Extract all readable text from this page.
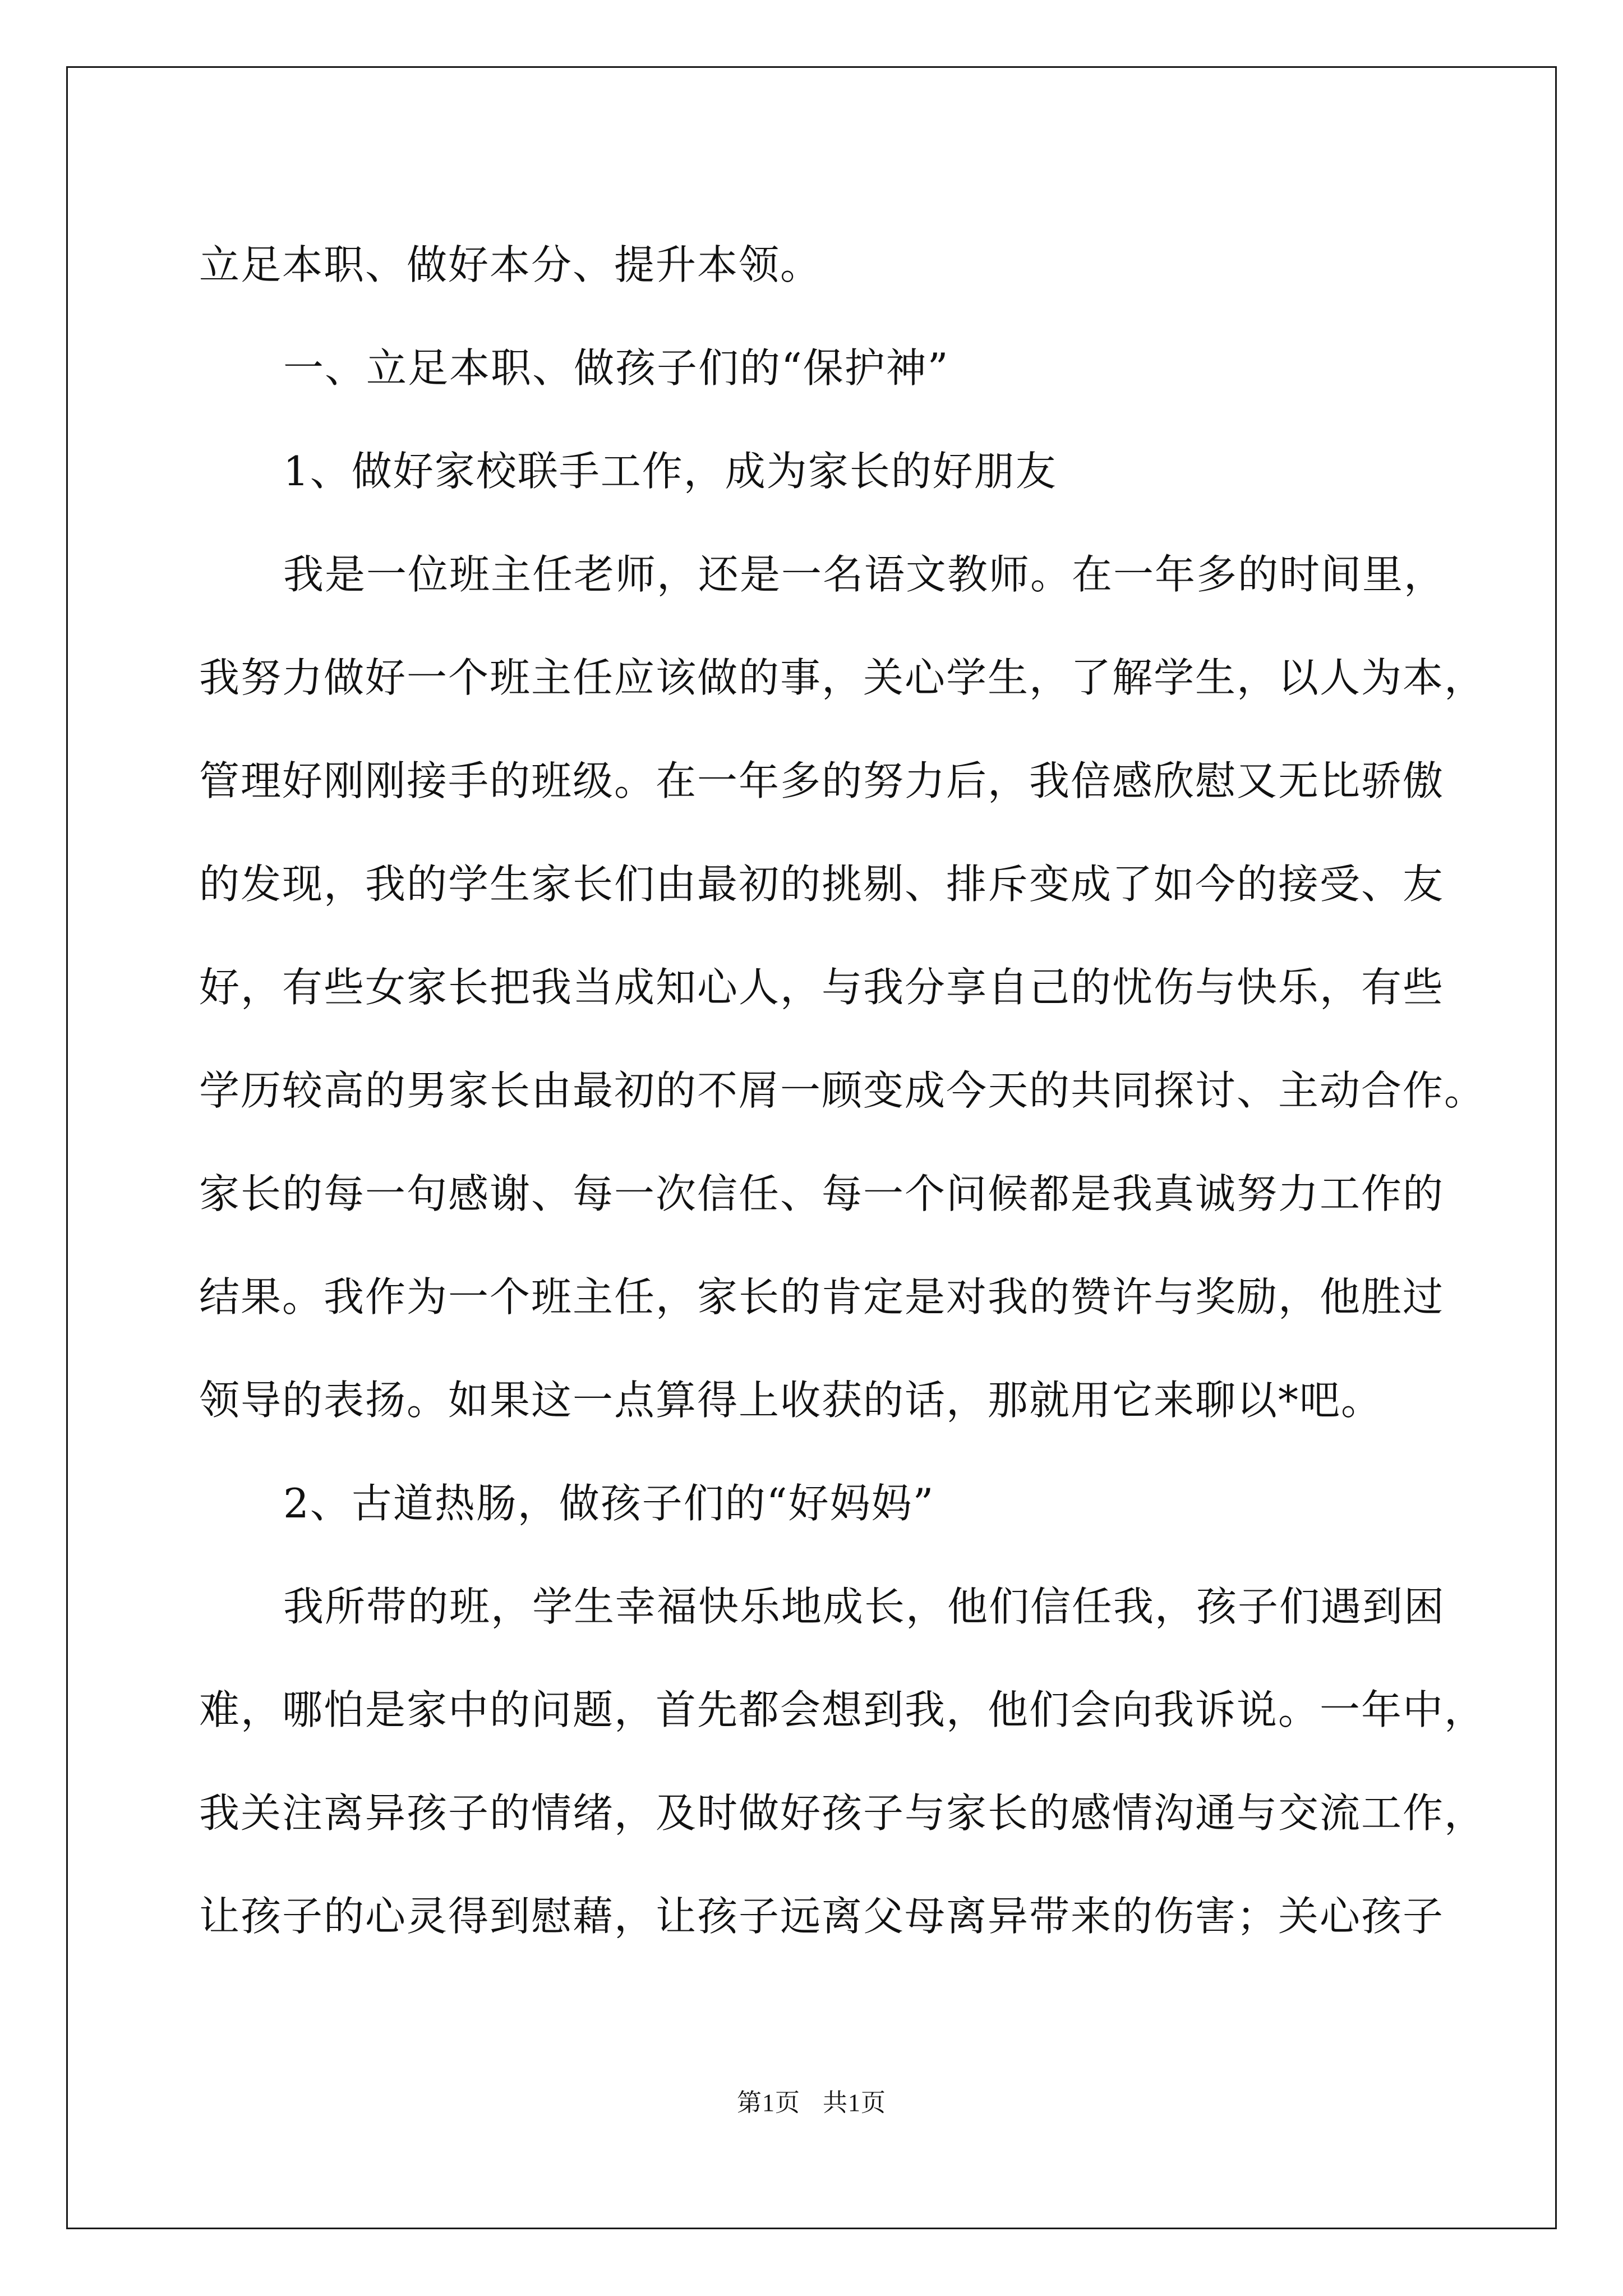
立足本职、做好本分、提升本领。
一、立足本职、做孩子们的“保护神”
1、做好家校联手工作，成为家长的好朋友
我是一位班主任老师，还是一名语文教师。在一年多的时间里，
我努力做好一个班主任应该做的事，关心学生，了解学生，以人为本，
管理好刚刚接手的班级。在一年多的努力后，我倍感欣慰又无比骄傲
的发现，我的学生家长们由最初的挑剔、排斥变成了如今的接受、友
好，有些女家长把我当成知心人，与我分享自己的忧伤与快乐，有些
学历较高的男家长由最初的不屑一顾变成今天的共同探讨、主动合作。
家长的每一句感谢、每一次信任、每一个问候都是我真诚努力工作的
结果。我作为一个班主任，家长的肯定是对我的赞许与奖励，他胜过
领导的表扬。如果这一点算得上收获的话，那就用它来聊以*吧。
2、古道热肠，做孩子们的“好妈妈”
我所带的班，学生幸福快乐地成长，他们信任我，孩子们遇到困
难，哪怕是家中的问题，首先都会想到我，他们会向我诉说。一年中，
我关注离异孩子的情绪，及时做好孩子与家长的感情沟通与交流工作，
让孩子的心灵得到慰藉，让孩子远离父母离异带来的伤害；关心孩子
第1页 共1页
